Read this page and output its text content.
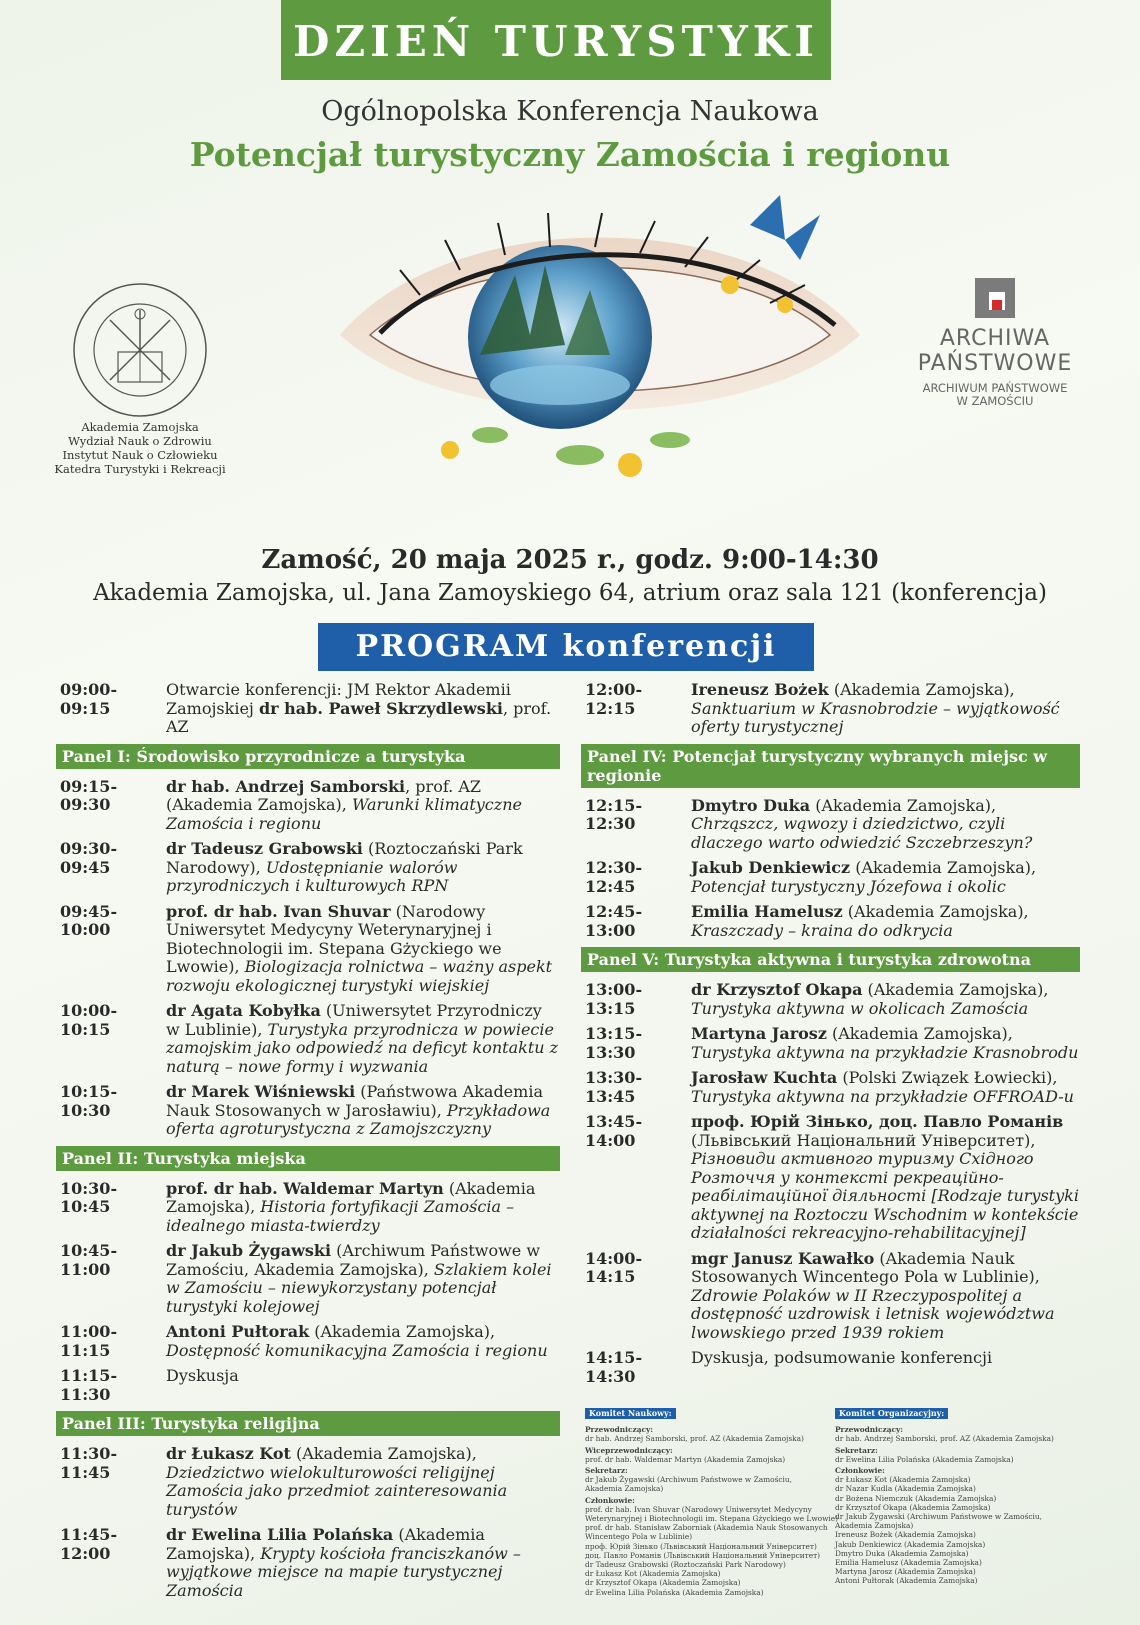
DZIEŃ TURYSTYKI
Ogólnopolska Konferencja Naukowa
Potencjał turystyczny Zamościa i regionu
Akademia Zamojska
Wydział Nauk o Zdrowiu
Instytut Nauk o Człowieku
Katedra Turystyki i Rekreacji
ARCHIWA
PAŃSTWOWE
ARCHIWUM PAŃSTWOWE
W ZAMOŚCIU
Zamość, 20 maja 2025 r., godz. 9:00-14:30
Akademia Zamojska, ul. Jana Zamoyskiego 64, atrium oraz sala 121 (konferencja)
PROGRAM konferencji
09:00-09:15
Otwarcie konferencji: JM Rektor Akademii Zamojskiej dr hab. Paweł Skrzydlewski, prof. AZ
Panel I: Środowisko przyrodnicze a turystyka
09:15-09:30
dr hab. Andrzej Samborski, prof. AZ (Akademia Zamojska), Warunki klimatyczne Zamościa i regionu
09:30-09:45
dr Tadeusz Grabowski (Roztoczański Park Narodowy), Udostępnianie walorów przyrodniczych i kulturowych RPN
09:45-10:00
prof. dr hab. Ivan Shuvar (Narodowy Uniwersytet Medycyny Weterynaryjnej i Biotechnologii im. Stepana Gżyckiego we Lwowie), Biologizacja rolnictwa – ważny aspekt rozwoju ekologicznej turystyki wiejskiej
10:00-10:15
dr Agata Kobyłka (Uniwersytet Przyrodniczy w Lublinie), Turystyka przyrodnicza w powiecie zamojskim jako odpowiedź na deficyt kontaktu z naturą – nowe formy i wyzwania
10:15-10:30
dr Marek Wiśniewski (Państwowa Akademia Nauk Stosowanych w Jarosławiu), Przykładowa oferta agroturystyczna z Zamojszczyzny
Panel II: Turystyka miejska
10:30-10:45
prof. dr hab. Waldemar Martyn (Akademia Zamojska), Historia fortyfikacji Zamościa – idealnego miasta-twierdzy
10:45-11:00
dr Jakub Żygawski (Archiwum Państwowe w Zamościu, Akademia Zamojska), Szlakiem kolei w Zamościu – niewykorzystany potencjał turystyki kolejowej
11:00-11:15
Antoni Pułtorak (Akademia Zamojska), Dostępność komunikacyjna Zamościa i regionu
11:15-11:30
Dyskusja
Panel III: Turystyka religijna
11:30-11:45
dr Łukasz Kot (Akademia Zamojska), Dziedzictwo wielokulturowości religijnej Zamościa jako przedmiot zainteresowania turystów
11:45-12:00
dr Ewelina Lilia Polańska (Akademia Zamojska), Krypty kościoła franciszkanów – wyjątkowe miejsce na mapie turystycznej Zamościa
12:00-12:15
Ireneusz Bożek (Akademia Zamojska), Sanktuarium w Krasnobrodzie – wyjątkowość oferty turystycznej
Panel IV: Potencjał turystyczny wybranych miejsc w regionie
12:15-12:30
Dmytro Duka (Akademia Zamojska), Chrząszcz, wąwozy i dziedzictwo, czyli dlaczego warto odwiedzić Szczebrzeszyn?
12:30-12:45
Jakub Denkiewicz (Akademia Zamojska), Potencjał turystyczny Józefowa i okolic
12:45-13:00
Emilia Hamelusz (Akademia Zamojska), Kraszczady – kraina do odkrycia
Panel V: Turystyka aktywna i turystyka zdrowotna
13:00-13:15
dr Krzysztof Okapa (Akademia Zamojska), Turystyka aktywna w okolicach Zamościa
13:15-13:30
Martyna Jarosz (Akademia Zamojska), Turystyka aktywna na przykładzie Krasnobrodu
13:30-13:45
Jarosław Kuchta (Polski Związek Łowiecki), Turystyka aktywna na przykładzie OFFROAD-u
13:45-14:00
проф. Юрій Зінько, доц. Павло Романів (Львівський Національний Університет), Різновиди активного туризму Східного Розточчя у контексті рекреаційно-реабілітаційної діяльності [Rodzaje turystyki aktywnej na Roztoczu Wschodnim w kontekście działalności rekreacyjno-rehabilitacyjnej]
14:00-14:15
mgr Janusz Kawałko (Akademia Nauk Stosowanych Wincentego Pola w Lublinie), Zdrowie Polaków w II Rzeczypospolitej a dostępność uzdrowisk i letnisk województwa lwowskiego przed 1939 rokiem
14:15-14:30
Dyskusja, podsumowanie konferencji
Komitet Naukowy:
Przewodniczący:
dr hab. Andrzej Samborski, prof. AZ (Akademia Zamojska)
Wiceprzewodniczący:
prof. dr hab. Waldemar Martyn (Akademia Zamojska)
Sekretarz:
dr Jakub Żygawski (Archiwum Państwowe w Zamościu,
Akademia Zamojska)
Członkowie:
prof. dr hab. Ivan Shuvar (Narodowy Uniwersytet Medycyny
Weterynaryjnej i Biotechnologii im. Stepana Gżyckiego we Lwowie)
prof. dr hab. Stanisław Zaborniak (Akademia Nauk Stosowanych
Wincentego Pola w Lublinie)
проф. Юрій Зінько (Львівський Національний Університет)
доц. Павло Романів (Львівський Національний Університет)
dr Tadeusz Grabowski (Roztoczański Park Narodowy)
dr Łukasz Kot (Akademia Zamojska)
dr Krzysztof Okapa (Akademia Zamojska)
dr Ewelina Lilia Polańska (Akademia Zamojska)
Komitet Organizacyjny:
Przewodniczący:
dr hab. Andrzej Samborski, prof. AZ (Akademia Zamojska)
Sekretarz:
dr Ewelina Lilia Polańska (Akademia Zamojska)
Członkowie:
dr Łukasz Kot (Akademia Zamojska)
dr Nazar Kudla (Akademia Zamojska)
dr Bożena Niemczuk (Akademia Zamojska)
dr Krzysztof Okapa (Akademia Zamojska)
dr Jakub Żygawski (Archiwum Państwowe w Zamościu,
Akademia Zamojska)
Ireneusz Bożek (Akademia Zamojska)
Jakub Denkiewicz (Akademia Zamojska)
Dmytro Duka (Akademia Zamojska)
Emilia Hamelusz (Akademia Zamojska)
Martyna Jarosz (Akademia Zamojska)
Antoni Pułtorak (Akademia Zamojska)
